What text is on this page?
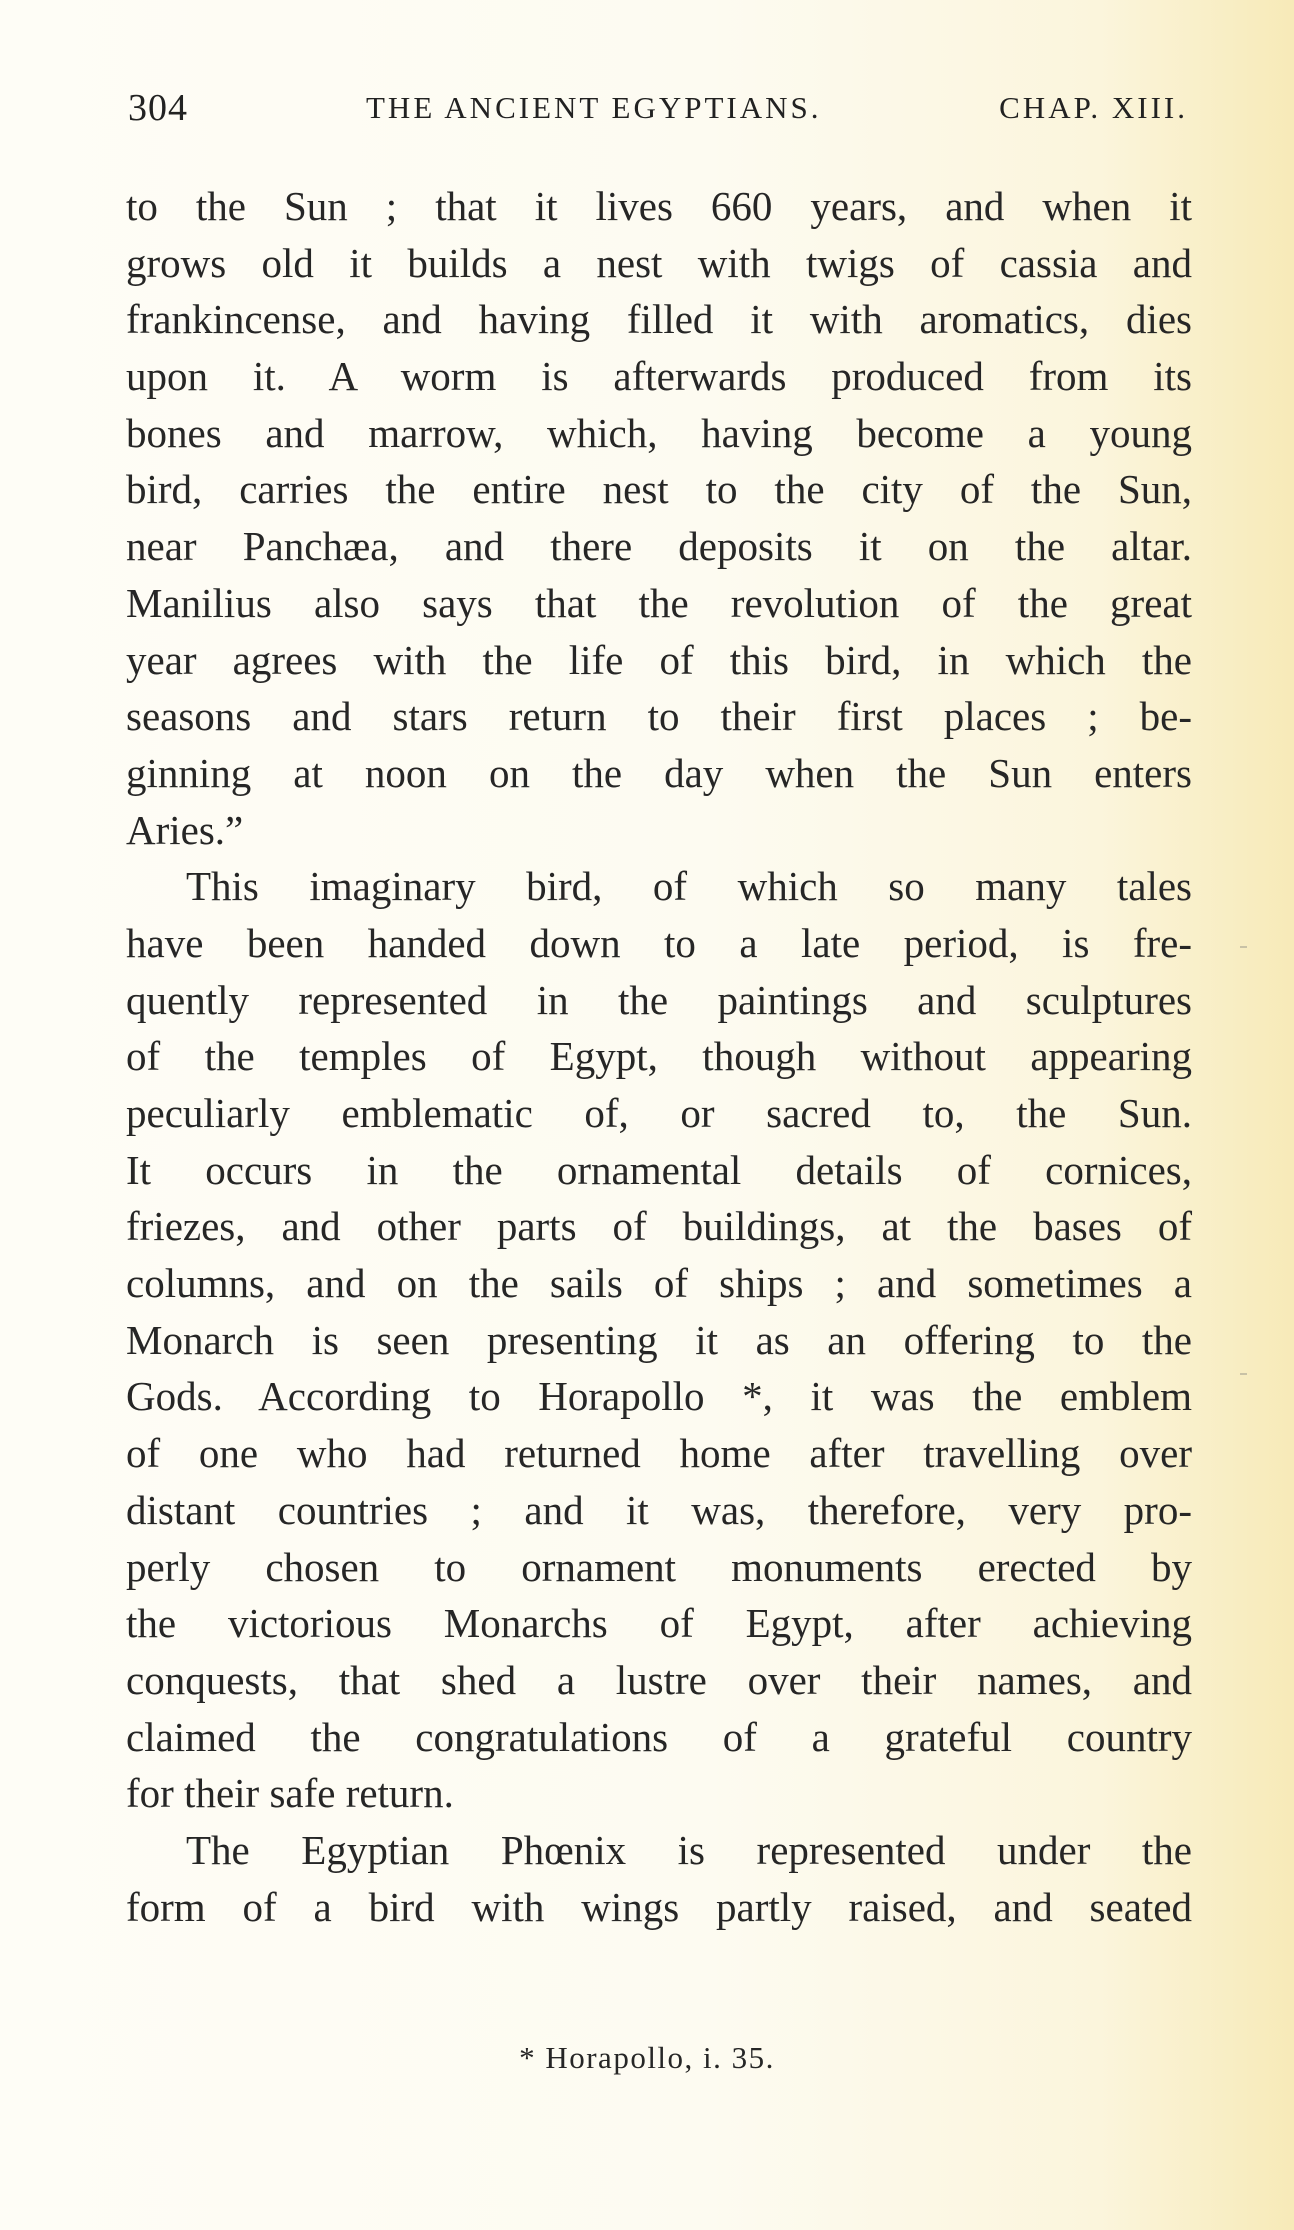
304	THE ANCIENT EGYPTIANS.	CHAP. XIII.
to the Sun ; that it lives 660 years, and when it
grows old it builds a nest with twigs of cassia and
frankincense, and having filled it with aromatics, dies
upon it. A worm is afterwards produced from its
bones and marrow, which, having become a young
bird, carries the entire nest to the city of the Sun,
near Panchæa, and there deposits it on the altar.
Manilius also says that the revolution of the great
year agrees with the life of this bird, in which the
seasons and stars return to their first places ; be-
ginning at noon on the day when the Sun enters
Aries.”
This imaginary bird, of which so many tales
have been handed down to a late period, is fre-
quently represented in the paintings and sculptures
of the temples of Egypt, though without appearing
peculiarly emblematic of, or sacred to, the Sun.
It occurs in the ornamental details of cornices,
friezes, and other parts of buildings, at the bases of
columns, and on the sails of ships ; and sometimes a
Monarch is seen presenting it as an offering to the
Gods. According to Horapollo *, it was the emblem
of one who had returned home after travelling over
distant countries ; and it was, therefore, very pro-
perly chosen to ornament monuments erected by
the victorious Monarchs of Egypt, after achieving
conquests, that shed a lustre over their names, and
claimed the congratulations of a grateful country
for their safe return.
The Egyptian Phœnix is represented under the
form of a bird with wings partly raised, and seated
* Horapollo, i. 35.
